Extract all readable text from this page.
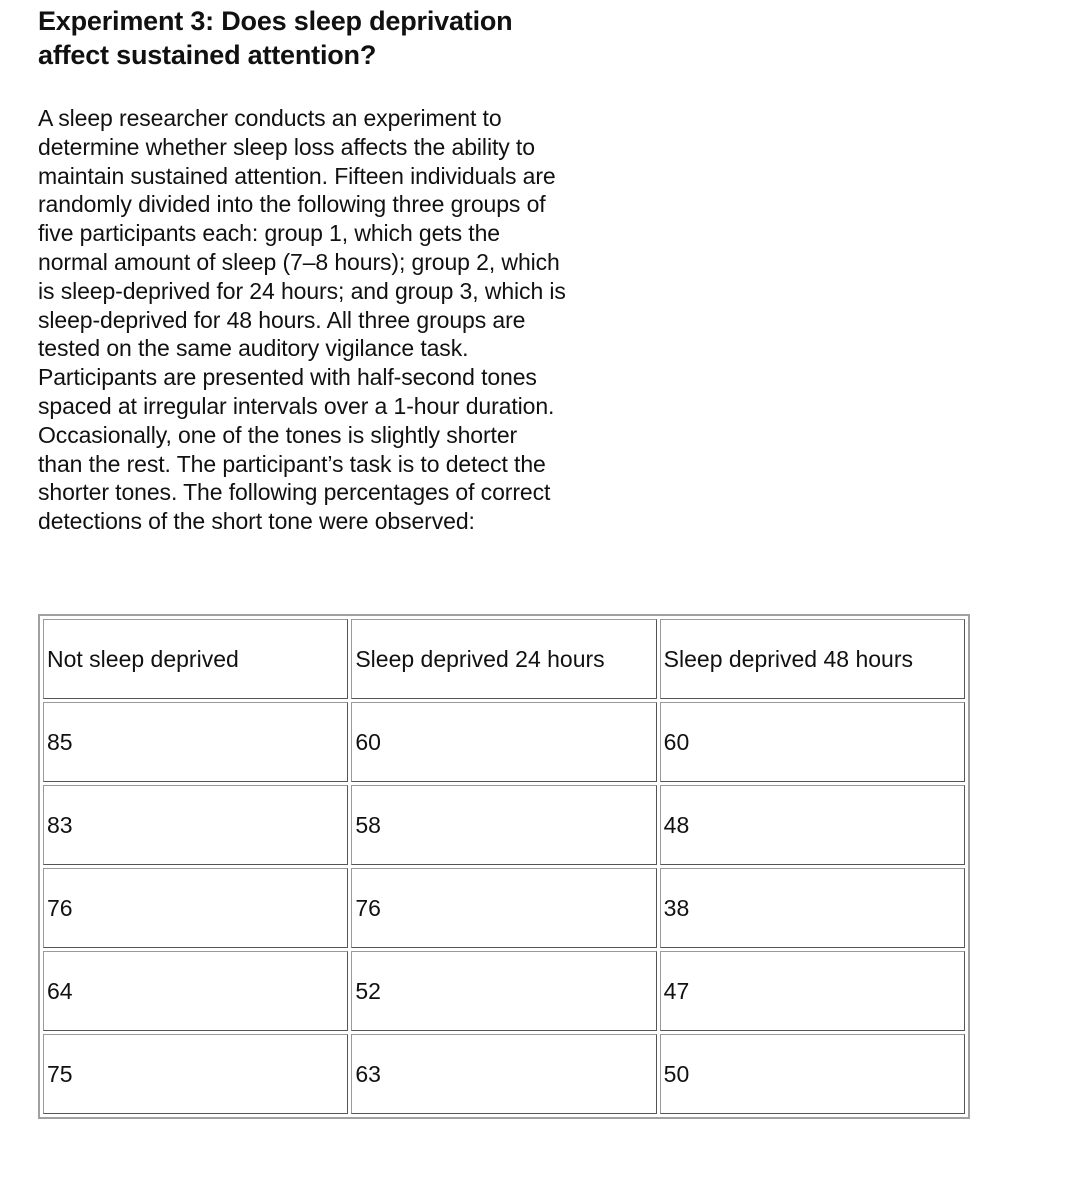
Experiment 3: Does sleep deprivation affect sustained attention?

A sleep researcher conducts an experiment to determine whether sleep loss affects the ability to maintain sustained attention. Fifteen individuals are randomly divided into the following three groups of five participants each: group 1, which gets the normal amount of sleep (7–8 hours); group 2, which is sleep-deprived for 24 hours; and group 3, which is sleep-deprived for 48 hours. All three groups are tested on the same auditory vigilance task. Participants are presented with half-second tones spaced at irregular intervals over a 1-hour duration. Occasionally, one of the tones is slightly shorter than the rest. The participant’s task is to detect the shorter tones. The following percentages of correct detections of the short tone were observed:

Not sleep deprived	Sleep deprived 24 hours	Sleep deprived 48 hours
85	60	60
83	58	48
76	76	38
64	52	47
75	63	50
